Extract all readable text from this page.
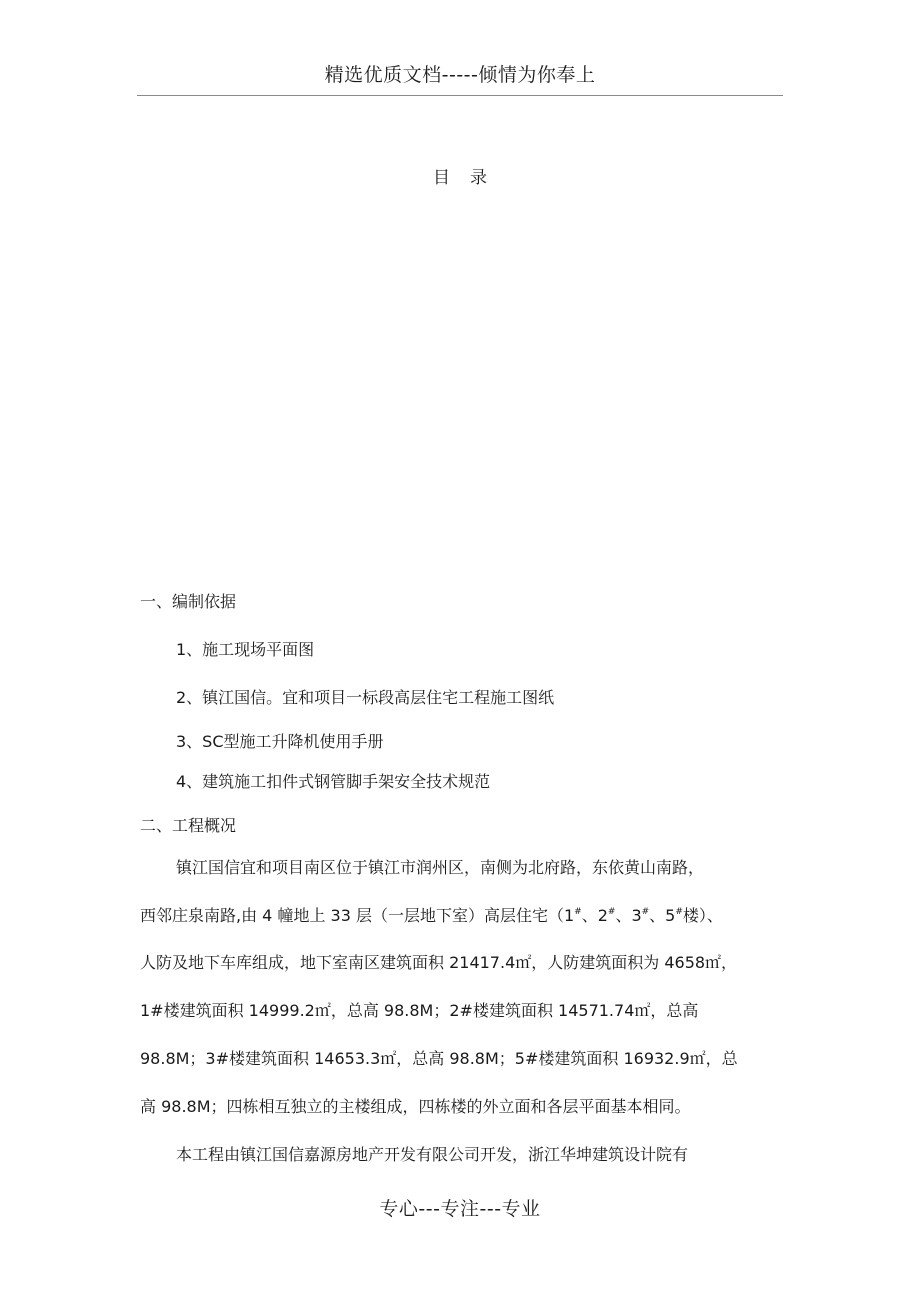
精选优质文档-----倾情为你奉上
目 录
一、编制依据
1、施工现场平面图
2、镇江国信。宜和项目一标段高层住宅工程施工图纸
3、SC型施工升降机使用手册
4、建筑施工扣件式钢管脚手架安全技术规范
二、工程概况
镇江国信宜和项目南区位于镇江市润州区，南侧为北府路，东依黄山南路，
西邻庄泉南路,由 4 幢地上 33 层（一层地下室）高层住宅（1#、2#、3#、5#楼）、
人防及地下车库组成，地下室南区建筑面积 21417.4㎡，人防建筑面积为 4658㎡，
1#楼建筑面积 14999.2㎡，总高 98.8M；2#楼建筑面积 14571.74㎡，总高
98.8M；3#楼建筑面积 14653.3㎡，总高 98.8M；5#楼建筑面积 16932.9㎡，总
高 98.8M；四栋相互独立的主楼组成，四栋楼的外立面和各层平面基本相同。
本工程由镇江国信嘉源房地产开发有限公司开发，浙江华坤建筑设计院有
专心---专注---专业
